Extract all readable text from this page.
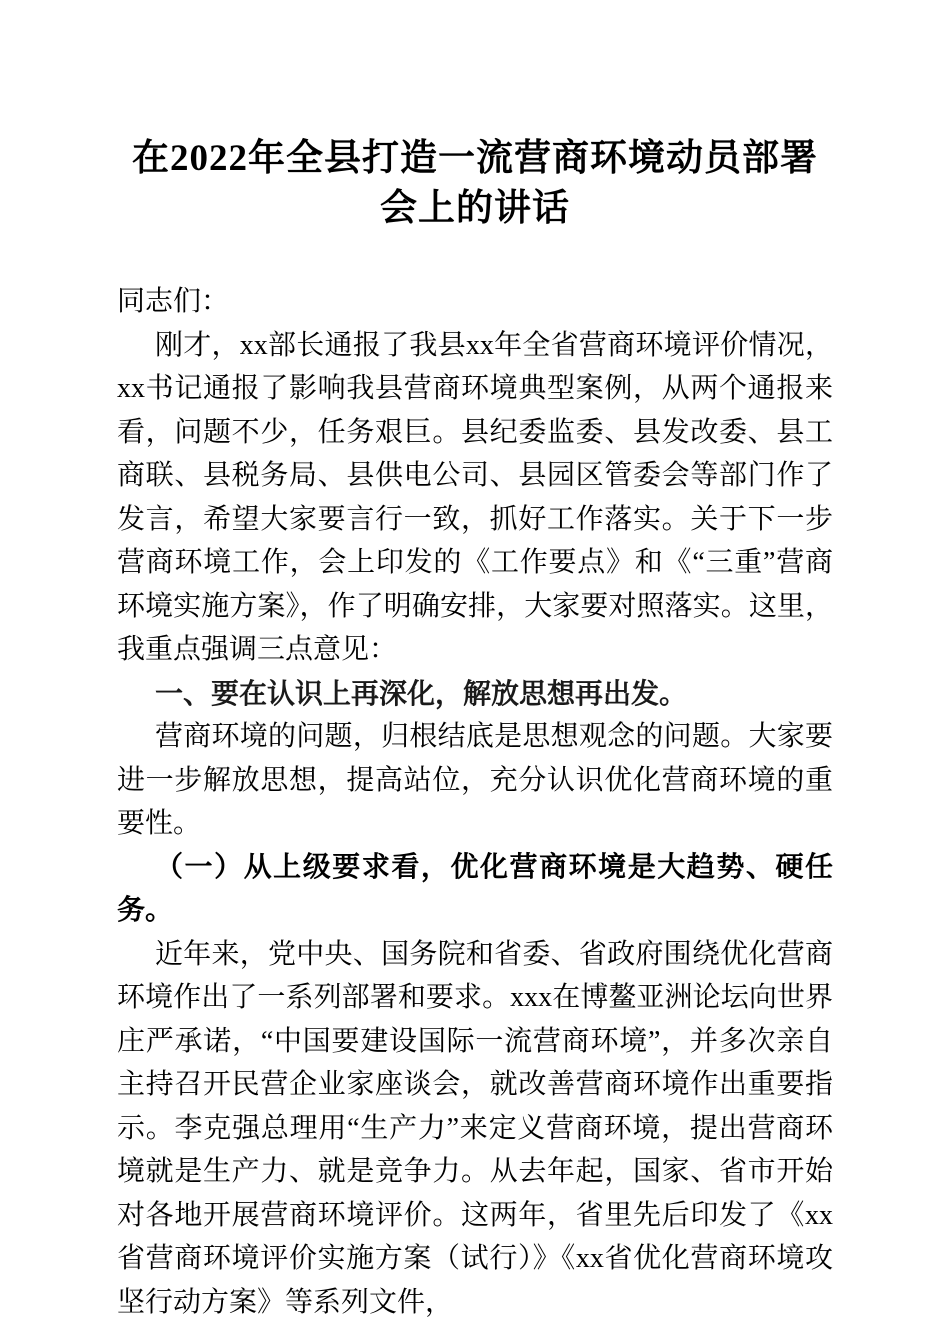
在2022年全县打造一流营商环境动员部署会上的讲话

同志们：

刚才，xx部长通报了我县xx年全省营商环境评价情况，xx书记通报了影响我县营商环境典型案例，从两个通报来看，问题不少，任务艰巨。县纪委监委、县发改委、县工商联、县税务局、县供电公司、县园区管委会等部门作了发言，希望大家要言行一致，抓好工作落实。关于下一步营商环境工作，会上印发的《工作要点》和《“三重”营商环境实施方案》，作了明确安排，大家要对照落实。这里，我重点强调三点意见：

一、要在认识上再深化，解放思想再出发。

营商环境的问题，归根结底是思想观念的问题。大家要进一步解放思想，提高站位，充分认识优化营商环境的重要性。

（一）从上级要求看，优化营商环境是大趋势、硬任务。

近年来，党中央、国务院和省委、省政府围绕优化营商环境作出了一系列部署和要求。xxx在博鳌亚洲论坛向世界庄严承诺，“中国要建设国际一流营商环境”，并多次亲自主持召开民营企业家座谈会，就改善营商环境作出重要指示。李克强总理用“生产力”来定义营商环境，提出营商环境就是生产力、就是竞争力。从去年起，国家、省市开始对各地开展营商环境评价。这两年，省里先后印发了《xx省营商环境评价实施方案（试行）》《xx省优化营商环境攻坚行动方案》等系列文件，
